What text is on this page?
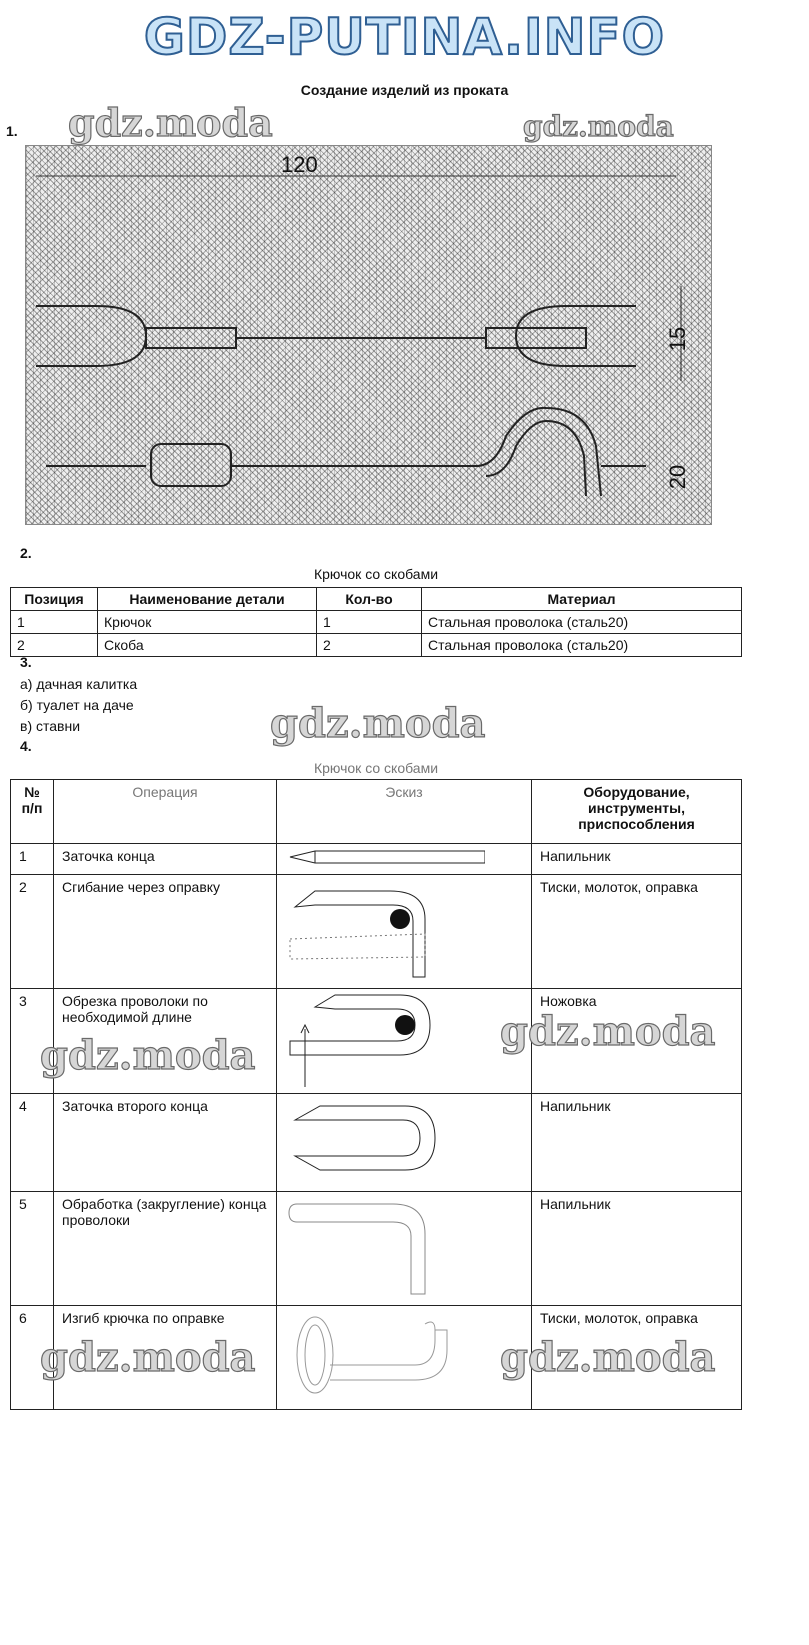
GDZ-PUTINA.INFO
Создание изделий из проката
1.
120
15
20
gdz.moda	gdz.moda
2.
Крючок со скобами
Позиция	Наименование детали	Кол-во	Материал
1	Крючок	1	Стальная проволока (сталь20)
2	Скоба	2	Стальная проволока (сталь20)
3.
а) дачная калитка
б) туалет на даче
в) ставни	gdz.moda
4.
Крючок со скобами
№ п/п	Операция	Эскиз	Оборудование, инструменты, приспособления
1	Заточка конца		Напильник
2	Сгибание через оправку		Тиски, молоток, оправка
3	Обрезка проволоки по необходимой длине		Ножовка
4	Заточка второго конца		Напильник
5	Обработка (закругление) конца проволоки		Напильник
6	Изгиб крючка по оправке		Тиски, молоток, оправка
gdz.moda
gdz.moda
gdz.moda	gdz.moda
